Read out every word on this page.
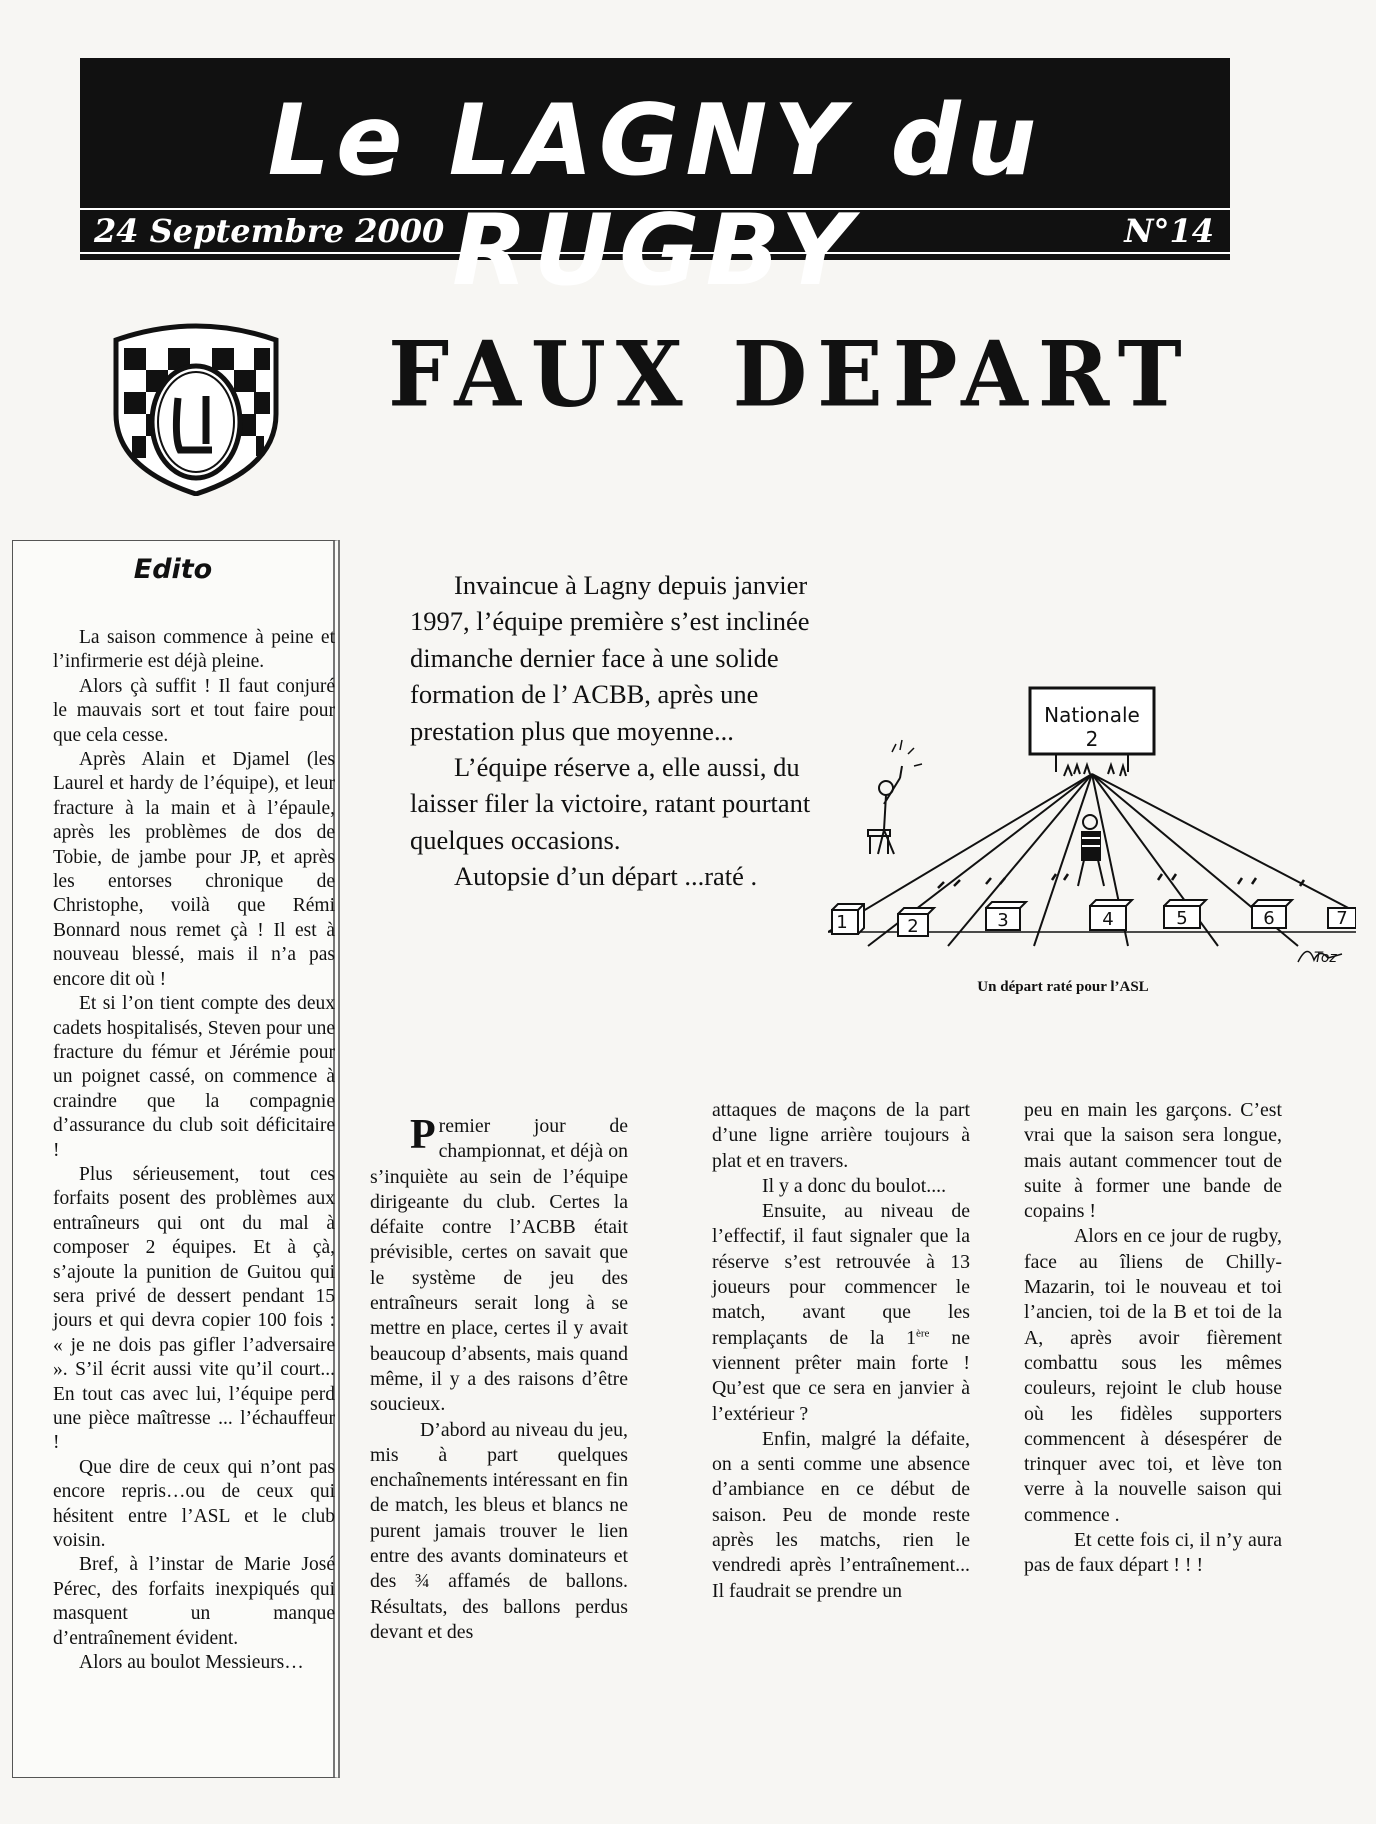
Le LAGNY du RUGBY
24 Septembre 2000	N°14
FAUX DEPART
Edito

La saison commence à peine et l’infirmerie est déjà pleine.

Alors çà suffit ! Il faut conjuré le mauvais sort et tout faire pour que cela cesse.

Après Alain et Djamel (les Laurel et hardy de l’équipe), et leur fracture à la main et à l’épaule, après les problèmes de dos de Tobie, de jambe pour JP, et après les entorses chronique de Christophe, voilà que Rémi Bonnard nous remet çà ! Il est à nouveau blessé, mais il n’a pas encore dit où !

Et si l’on tient compte des deux cadets hospitalisés, Steven pour une fracture du fémur et Jérémie pour un poignet cassé, on commence à craindre que la compagnie d’assurance du club soit déficitaire !

Plus sérieusement, tout ces forfaits posent des problèmes aux entraîneurs qui ont du mal à composer 2 équipes. Et à çà, s’ajoute la punition de Guitou qui sera privé de dessert pendant 15 jours et qui devra copier 100 fois : « je ne dois pas gifler l’adversaire ». S’il écrit aussi vite qu’il court... En tout cas avec lui, l’équipe perd une pièce maîtresse ... l’échauffeur !

Que dire de ceux qui n’ont pas encore repris…ou de ceux qui hésitent entre l’ASL et le club voisin.

Bref, à l’instar de Marie José Pérec, des forfaits inexpiqués qui masquent un manque d’entraînement évident.

Alors au boulot Messieurs…

Invaincue à Lagny depuis janvier 1997, l’équipe première s’est inclinée dimanche dernier face à une solide formation de l’ ACBB, après une prestation plus que moyenne...

L’équipe réserve a, elle aussi, du laisser filer la victoire, ratant pourtant quelques occasions.

Autopsie d’un départ ...raté .

Nationale
2
1	2	3	4	5	6	7
Toz
Un départ raté pour l’ASL

Premier jour de championnat, et déjà on s’inquiète au sein de l’équipe dirigeante du club. Certes la défaite contre l’ACBB était prévisible, certes on savait que le système de jeu des entraîneurs serait long à se mettre en place, certes il y avait beaucoup d’absents, mais quand même, il y a des raisons d’être soucieux.

D’abord au niveau du jeu, mis à part quelques enchaînements intéressant en fin de match, les bleus et blancs ne purent jamais trouver le lien entre des avants dominateurs et des ¾ affamés de ballons. Résultats, des ballons perdus devant et des

attaques de maçons de la part d’une ligne arrière toujours à plat et en travers.

Il y a donc du boulot....

Ensuite, au niveau de l’effectif, il faut signaler que la réserve s’est retrouvée à 13 joueurs pour commencer le match, avant que les remplaçants de la 1ère ne viennent prêter main forte ! Qu’est que ce sera en janvier à l’extérieur ?

Enfin, malgré la défaite, on a senti comme une absence d’ambiance en ce début de saison. Peu de monde reste après les matchs, rien le vendredi après l’entraînement... Il faudrait se prendre un

peu en main les garçons. C’est vrai que la saison sera longue, mais autant commencer tout de suite à former une bande de copains !

Alors en ce jour de rugby, face au îliens de Chilly-Mazarin, toi le nouveau et toi l’ancien, toi de la B et toi de la A, après avoir fièrement combattu sous les mêmes couleurs, rejoint le club house où les fidèles supporters commencent à désespérer de trinquer avec toi, et lève ton verre à la nouvelle saison qui commence .

Et cette fois ci, il n’y aura pas de faux départ ! ! !
